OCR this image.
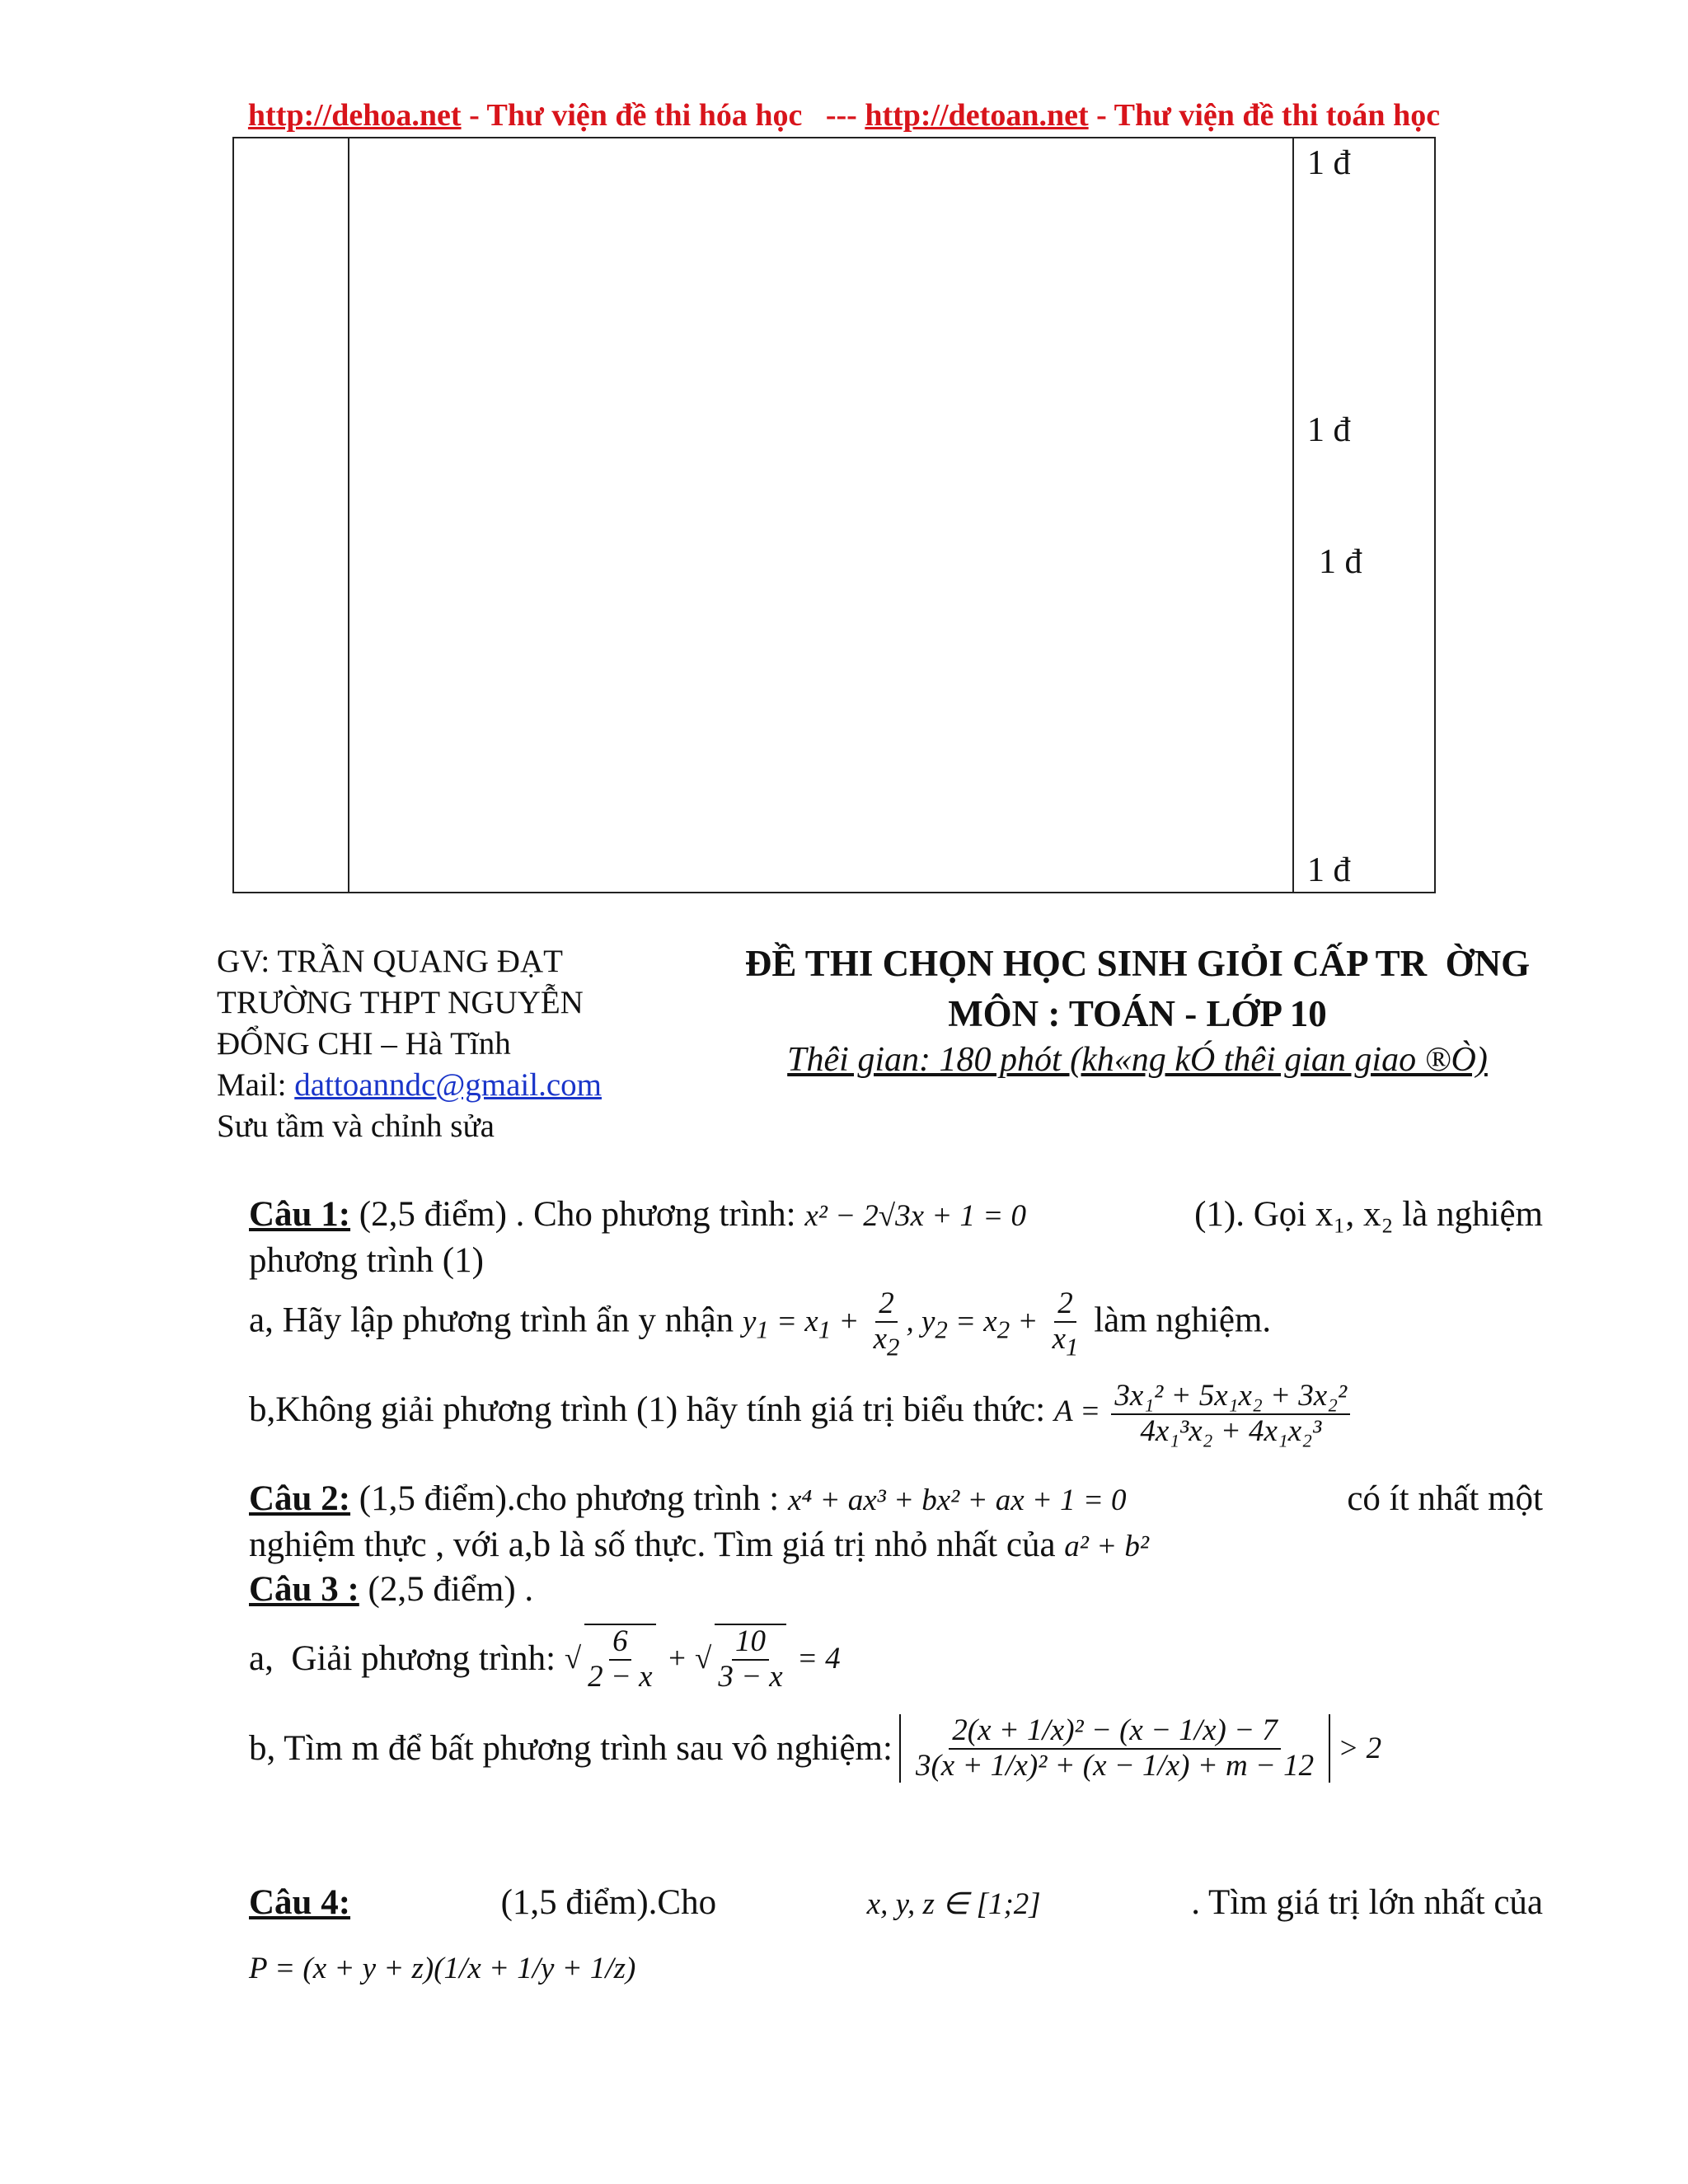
http://dehoa.net - Thư viện đề thi hóa học   --- http://detoan.net - Thư viện đề thi toán học
1 đ
1 đ
1 đ
1 đ
GV: TRẦN QUANG ĐẠT
TRƯỜNG THPT NGUYỄN
ĐỔNG CHI – Hà Tĩnh
Mail: dattoanndc@gmail.com
Sưu tầm và chỉnh sửa
ĐỀ THI CHỌN HỌC SINH GIỎI CẤP TR  ỜNG
MÔN : TOÁN - LỚP 10
Thêi gian: 180 phót (kh«ng kÓ thêi gian giao ®Ò)
Câu 1: (2,5 điểm) . Cho phương trình: x² − 2√3x + 1 = 0	(1). Gọi x₁, x₂ là nghiệm
phương trình (1)
a, Hãy lập phương trình ẩn y nhận $y_1 = x_1 + \frac{2}{x_2}$ , $y_2 = x_2 + \frac{2}{x_1}$ làm nghiệm.
b,Không giải phương trình (1) hãy tính giá trị biểu thức: $A = \frac{\text{3x₁² + 5x₁x₂ + 3x₂²}}{\text{4x₁³x₂ + 4x₁x₂³}}$
Câu 2: (1,5 điểm).cho phương trình : x⁴ + ax³ + bx² + ax + 1 = 0	có ít nhất một
nghiệm thực , với a,b là số thực. Tìm giá trị nhỏ nhất của a² + b²
Câu 3 : (2,5 điểm) .
a,  Giải phương trình: √ $\frac{6}{2 - x}$ + √ $\frac{10}{3 - x} = 4$
b, Tìm m để bất phương trình sau vô nghiệm: $\frac{\text{2(x + 1/x)² − (x − 1/x) − 7}}{\text{3(x + 1/x)² + (x − 1/x) + m − 12}} > 2$
Câu 4:	(1,5 điểm).Cho	x, y, z ∈ [1;2]	. Tìm giá trị lớn nhất của
P = (x + y + z)(1/x + 1/y + 1/z)
